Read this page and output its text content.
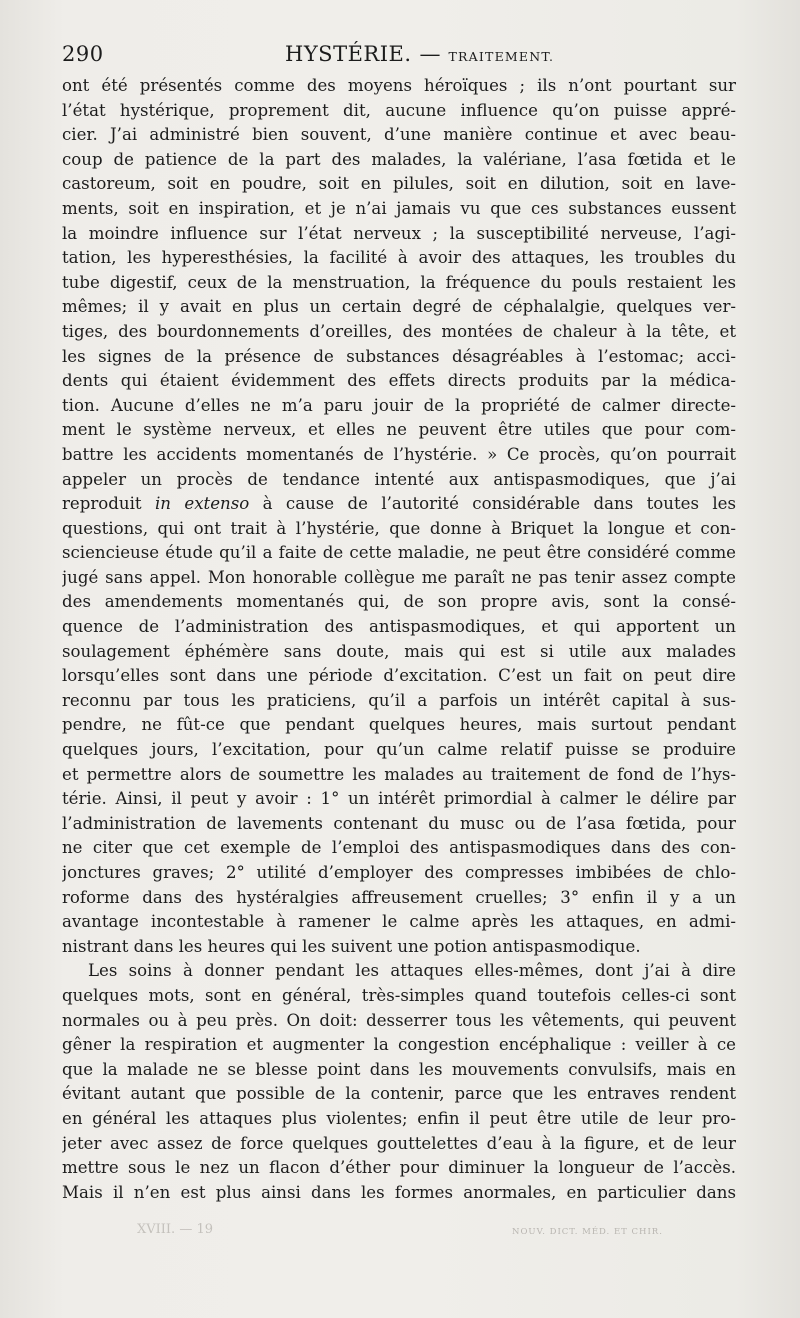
290	HYSTÉRIE. — TRAITEMENT.
ont été présentés comme des moyens héroïques ; ils n’ont pourtant sur
l’état hystérique, proprement dit, aucune influence qu’on puisse appré-
cier. J’ai administré bien souvent, d’une manière continue et avec beau-
coup de patience de la part des malades, la valériane, l’asa fœtida et le
castoreum, soit en poudre, soit en pilules, soit en dilution, soit en lave-
ments, soit en inspiration, et je n’ai jamais vu que ces substances eussent
la moindre influence sur l’état nerveux ; la susceptibilité nerveuse, l’agi-
tation, les hyperesthésies, la facilité à avoir des attaques, les troubles du
tube digestif, ceux de la menstruation, la fréquence du pouls restaient les
mêmes; il y avait en plus un certain degré de céphalalgie, quelques ver-
tiges, des bourdonnements d’oreilles, des montées de chaleur à la tête, et
les signes de la présence de substances désagréables à l’estomac; acci-
dents qui étaient évidemment des effets directs produits par la médica-
tion. Aucune d’elles ne m’a paru jouir de la propriété de calmer directe-
ment le système nerveux, et elles ne peuvent être utiles que pour com-
battre les accidents momentanés de l’hystérie. » Ce procès, qu’on pourrait
appeler un procès de tendance intenté aux antispasmodiques, que j’ai
reproduit in extenso à cause de l’autorité considérable dans toutes les
questions, qui ont trait à l’hystérie, que donne à Briquet la longue et con-
sciencieuse étude qu’il a faite de cette maladie, ne peut être considéré comme
jugé sans appel. Mon honorable collègue me paraît ne pas tenir assez compte
des amendements momentanés qui, de son propre avis, sont la consé-
quence de l’administration des antispasmodiques, et qui apportent un
soulagement éphémère sans doute, mais qui est si utile aux malades
lorsqu’elles sont dans une période d’excitation. C’est un fait on peut dire
reconnu par tous les praticiens, qu’il a parfois un intérêt capital à sus-
pendre, ne fût-ce que pendant quelques heures, mais surtout pendant
quelques jours, l’excitation, pour qu’un calme relatif puisse se produire
et permettre alors de soumettre les malades au traitement de fond de l’hys-
térie. Ainsi, il peut y avoir : 1° un intérêt primordial à calmer le délire par
l’administration de lavements contenant du musc ou de l’asa fœtida, pour
ne citer que cet exemple de l’emploi des antispasmodiques dans des con-
jonctures graves; 2° utilité d’employer des compresses imbibées de chlo-
roforme dans des hystéralgies affreusement cruelles; 3° enfin il y a un
avantage incontestable à ramener le calme après les attaques, en admi-
nistrant dans les heures qui les suivent une potion antispasmodique.
Les soins à donner pendant les attaques elles-mêmes, dont j’ai à dire
quelques mots, sont en général, très-simples quand toutefois celles-ci sont
normales ou à peu près. On doit: desserrer tous les vêtements, qui peuvent
gêner la respiration et augmenter la congestion encéphalique : veiller à ce
que la malade ne se blesse point dans les mouvements convulsifs, mais en
évitant autant que possible de la contenir, parce que les entraves rendent
en général les attaques plus violentes; enfin il peut être utile de leur pro-
jeter avec assez de force quelques gouttelettes d’eau à la figure, et de leur
mettre sous le nez un flacon d’éther pour diminuer la longueur de l’accès.
Mais il n’en est plus ainsi dans les formes anormales, en particulier dans
XVIII. — 19	NOUV. DICT. MÉD. ET CHIR.
